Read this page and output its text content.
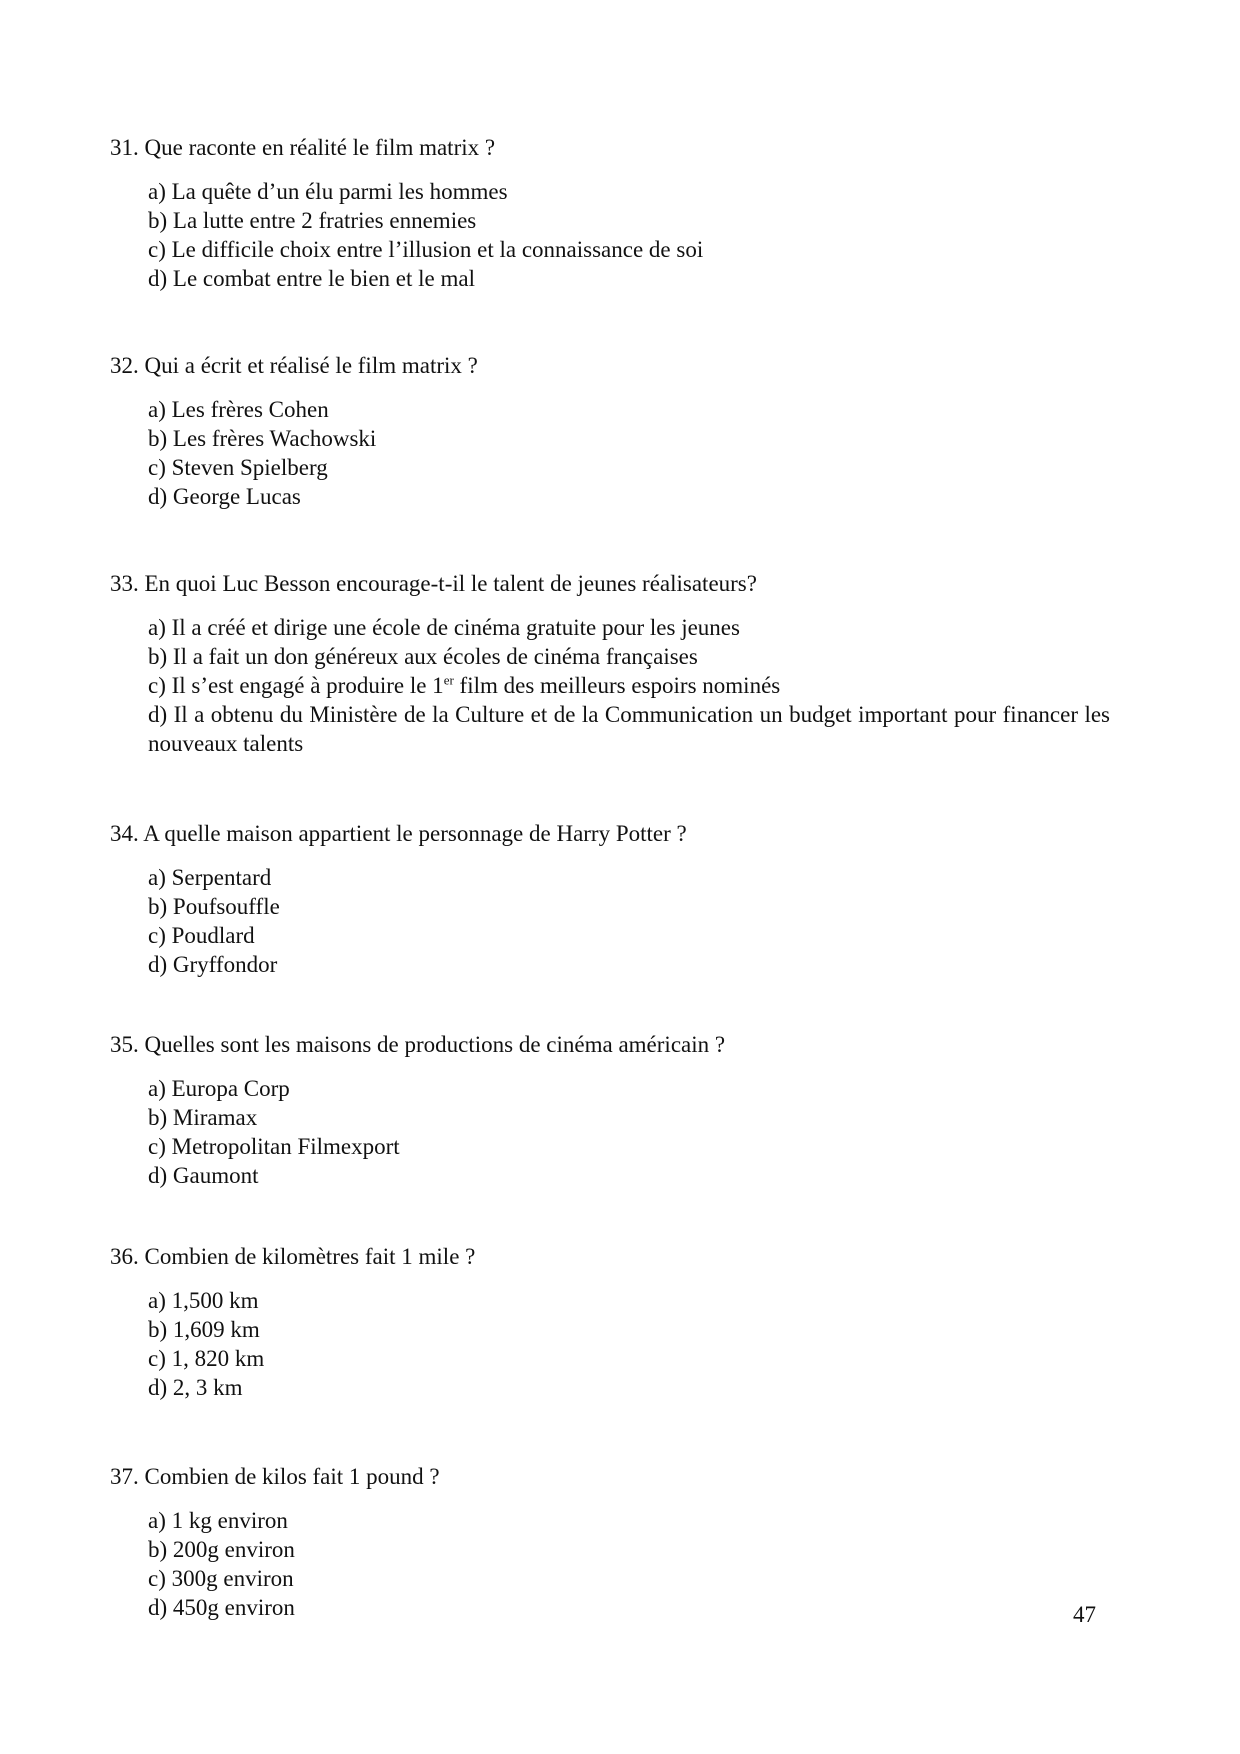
31. Que raconte en réalité le film matrix ?
a) La quête d’un élu parmi les hommes
b) La lutte entre 2 fratries ennemies
c) Le difficile choix entre l’illusion et la connaissance de soi
d) Le combat entre le bien et le mal
32. Qui a écrit et réalisé le film matrix ?
a) Les frères Cohen
b) Les frères Wachowski
c) Steven Spielberg
d) George Lucas
33. En quoi Luc Besson encourage-t-il le talent de jeunes réalisateurs?
a) Il a créé et dirige une école de cinéma gratuite pour les jeunes
b) Il a fait un don généreux aux écoles de cinéma françaises
c) Il s’est engagé à produire le 1er film des meilleurs espoirs nominés
d) Il a obtenu du Ministère de la Culture et de la Communication un budget important pour financer les nouveaux talents
34. A quelle maison appartient le personnage de Harry Potter ?
a) Serpentard
b) Poufsouffle
c) Poudlard
d) Gryffondor
35. Quelles sont les maisons de productions de cinéma américain ?
a) Europa Corp
b) Miramax
c) Metropolitan Filmexport
d) Gaumont
36. Combien de kilomètres fait 1 mile ?
a) 1,500 km
b) 1,609 km
c) 1, 820 km
d) 2, 3 km
37. Combien de kilos fait 1 pound ?
a) 1 kg environ
b) 200g environ
c) 300g environ
d) 450g environ	47
